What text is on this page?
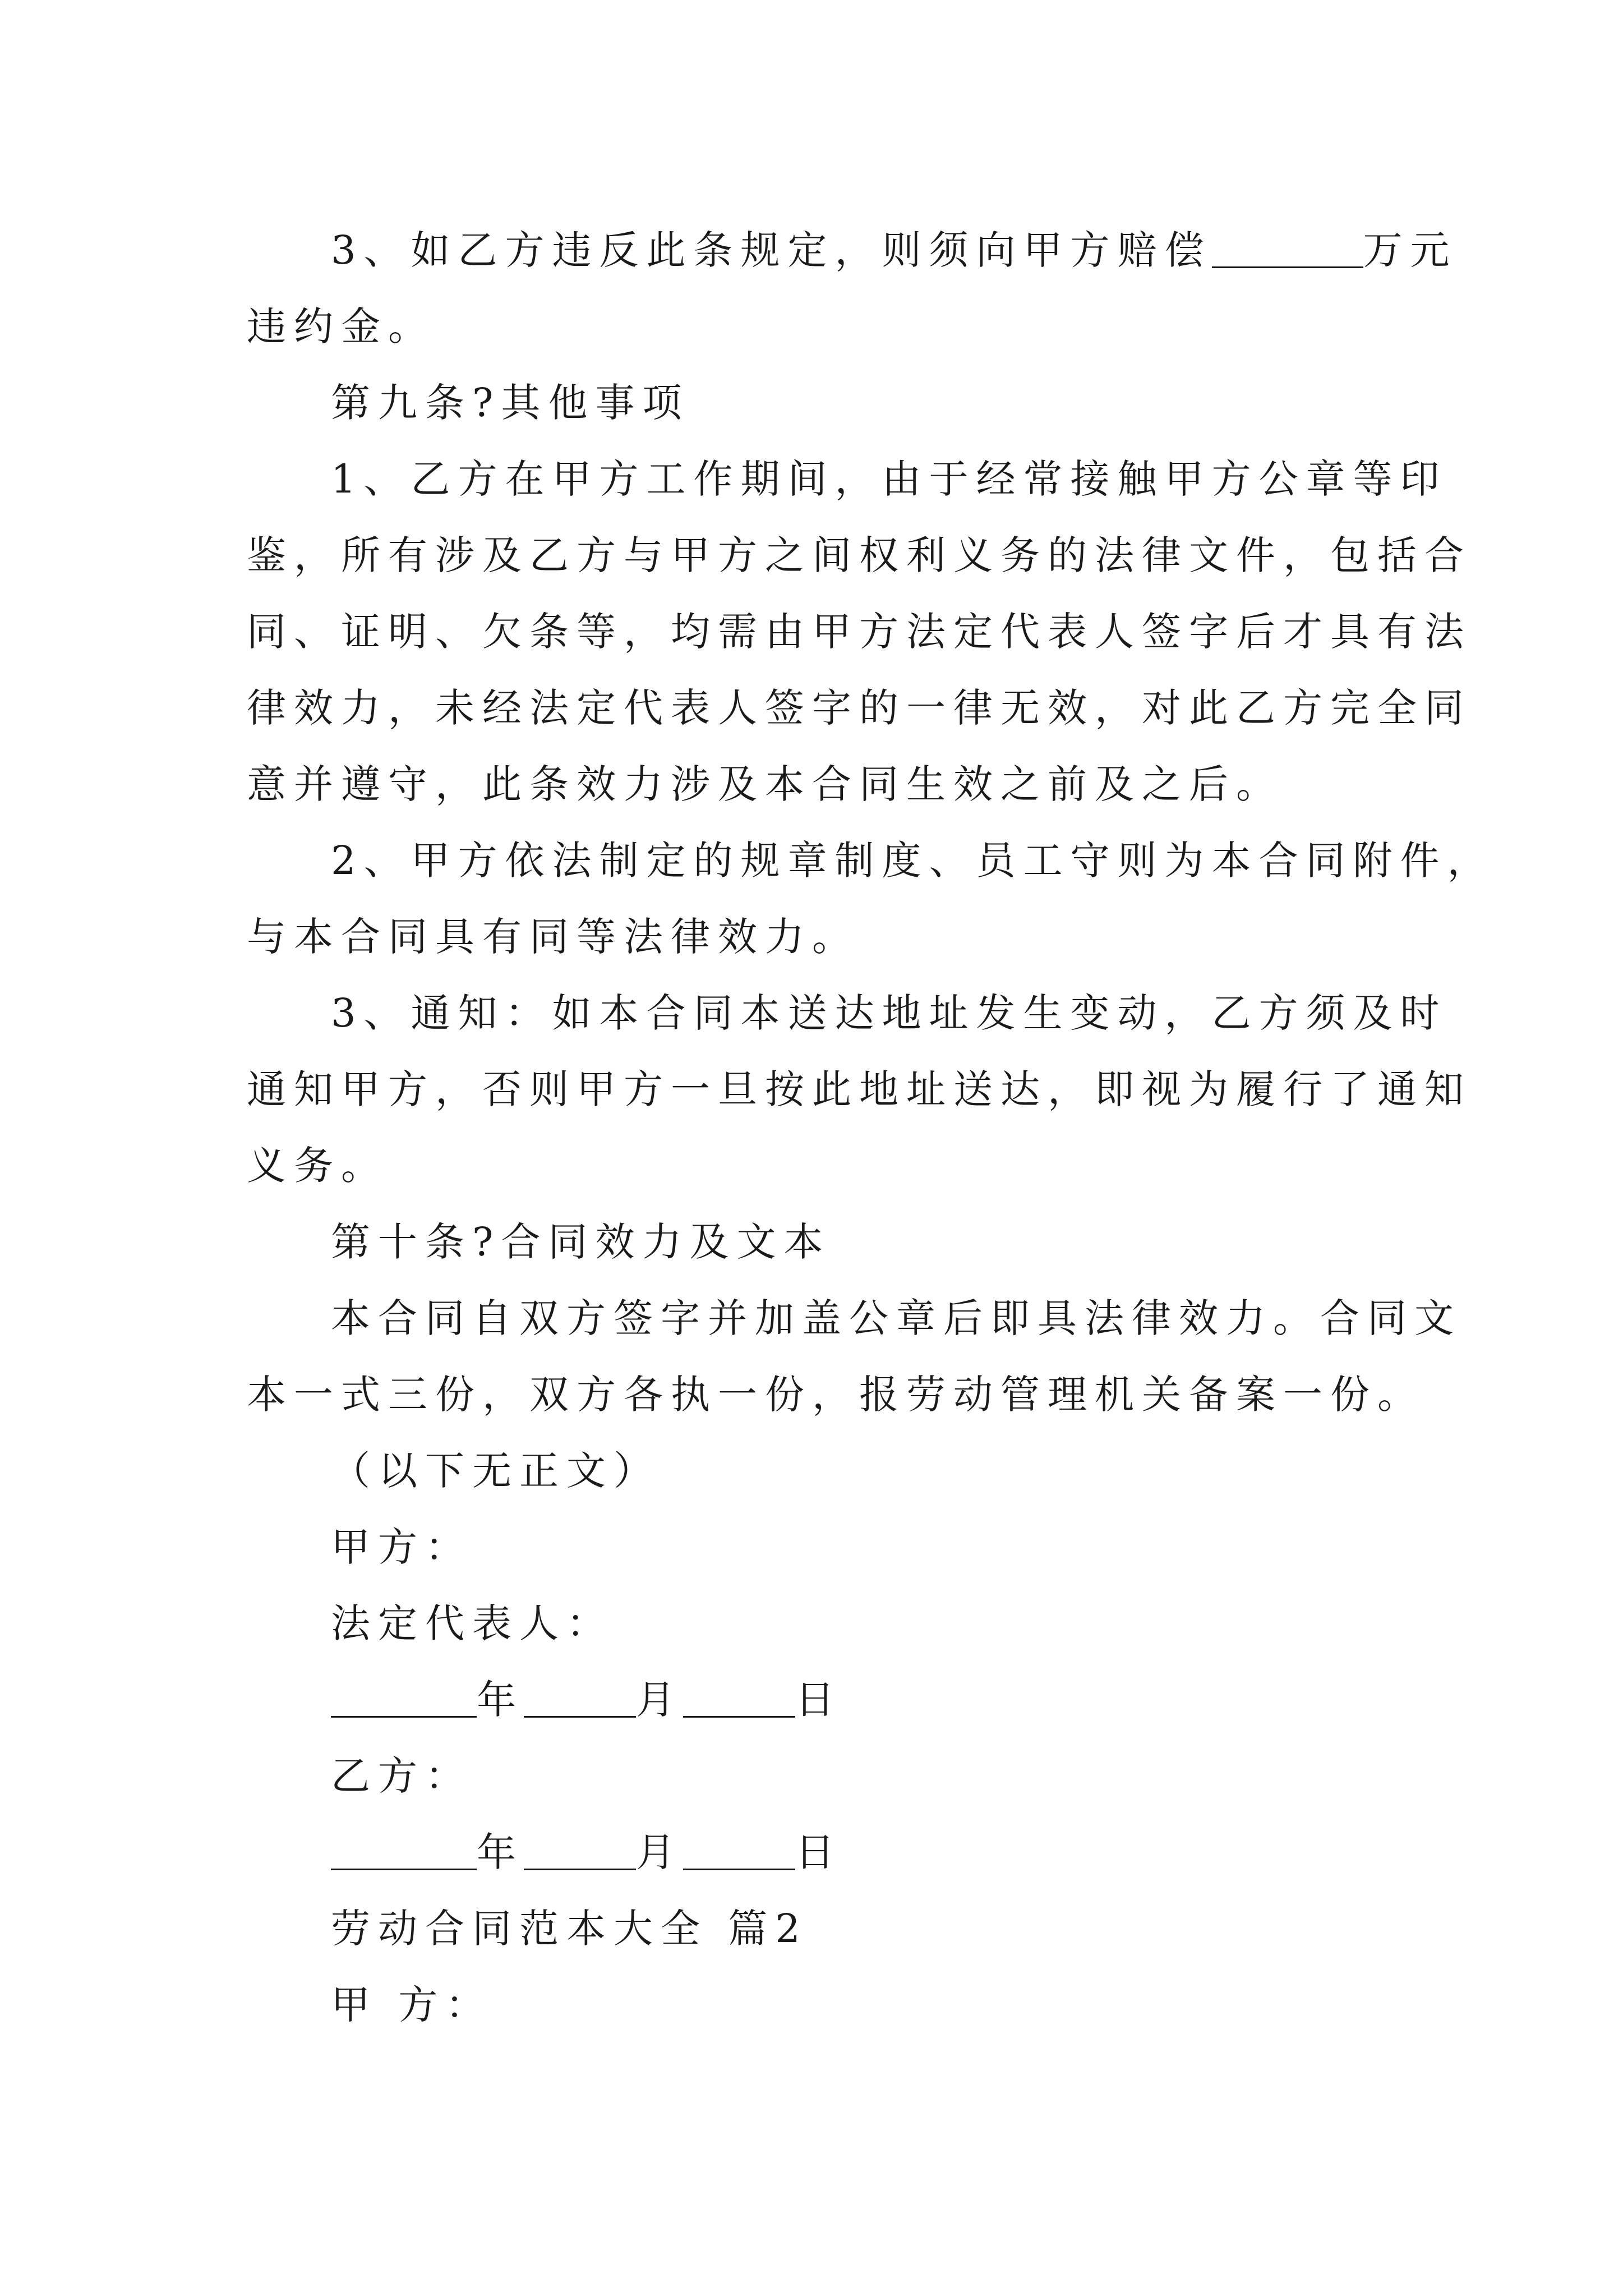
3、如乙方违反此条规定，则须向甲方赔偿	万元
违约金。
第九条?其他事项
1、乙方在甲方工作期间，由于经常接触甲方公章等印
鉴，所有涉及乙方与甲方之间权利义务的法律文件，包括合
同、证明、欠条等，均需由甲方法定代表人签字后才具有法
律效力，未经法定代表人签字的一律无效，对此乙方完全同
意并遵守，此条效力涉及本合同生效之前及之后。
2、甲方依法制定的规章制度、员工守则为本合同附件，
与本合同具有同等法律效力。
3、通知：如本合同本送达地址发生变动，乙方须及时
通知甲方，否则甲方一旦按此地址送达，即视为履行了通知
义务。
第十条?合同效力及文本
本合同自双方签字并加盖公章后即具法律效力。合同文
本一式三份，双方各执一份，报劳动管理机关备案一份。
（以下无正文）
甲方：
法定代表人：
年	月	日
乙方：
年	月	日
劳动合同范本大全 篇2
甲 方：
